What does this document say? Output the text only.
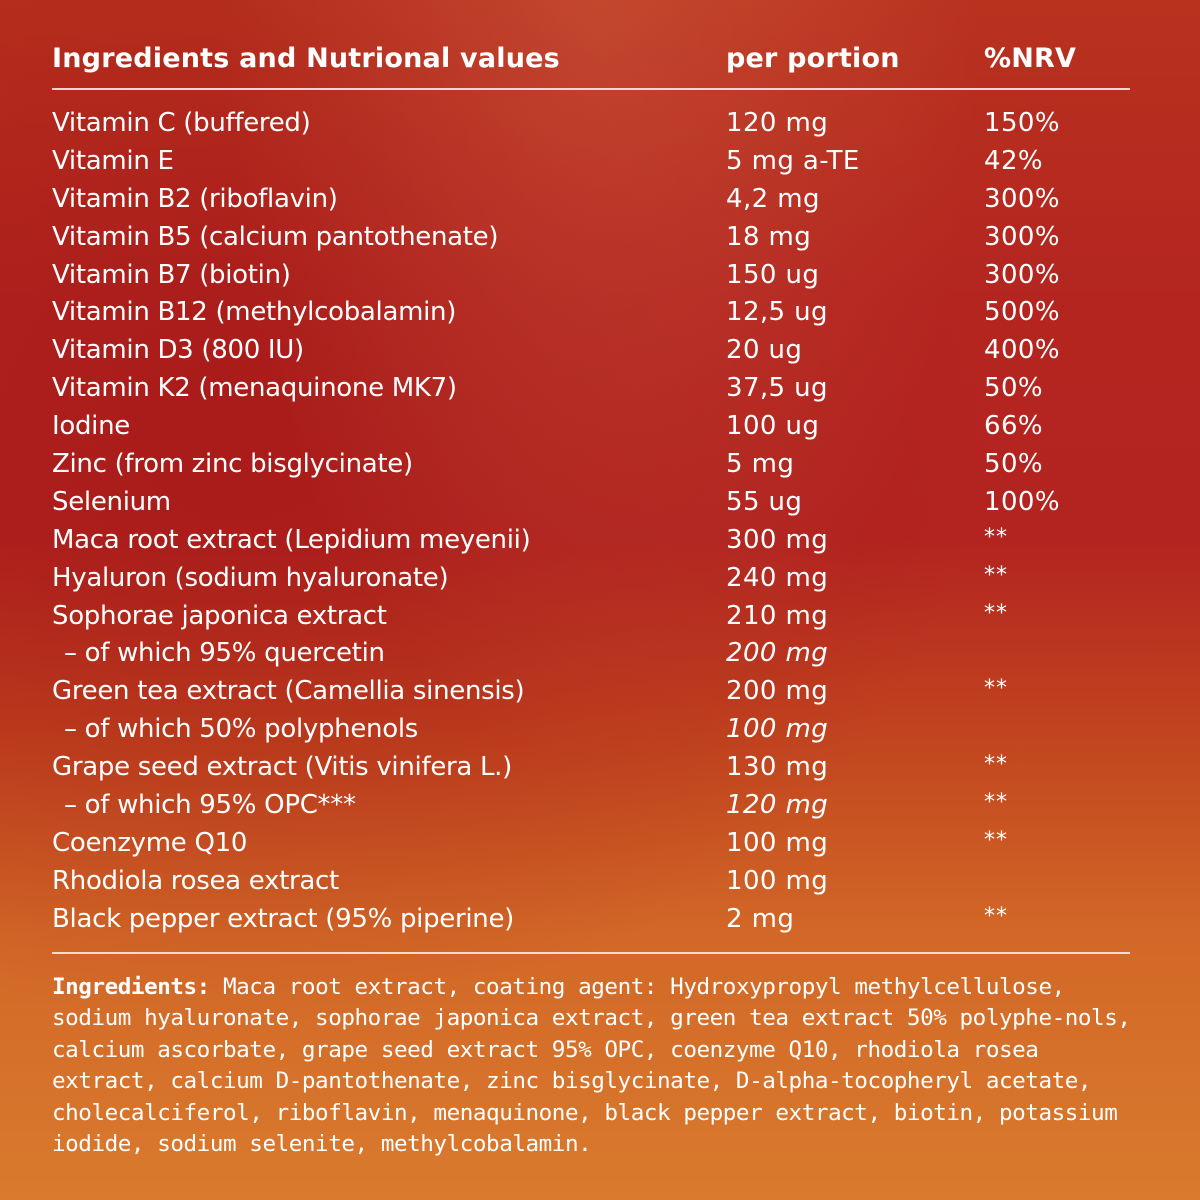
Ingredients and Nutrional values	per portion	%NRV
Vitamin C (buffered)	120 mg	150%
Vitamin E	5 mg a-TE	42%
Vitamin B2 (riboflavin)	4,2 mg	300%
Vitamin B5 (calcium pantothenate)	18 mg	300%
Vitamin B7 (biotin)	150 ug	300%
Vitamin B12 (methylcobalamin)	12,5 ug	500%
Vitamin D3 (800 IU)	20 ug	400%
Vitamin K2 (menaquinone MK7)	37,5 ug	50%
Iodine	100 ug	66%
Zinc (from zinc bisglycinate)	5 mg	50%
Selenium	55 ug	100%
Maca root extract (Lepidium meyenii)	300 mg	**
Hyaluron (sodium hyaluronate)	240 mg	**
Sophorae japonica extract	210 mg	**
– of which 95% quercetin	200 mg
Green tea extract (Camellia sinensis)	200 mg	**
– of which 50% polyphenols	100 mg
Grape seed extract (Vitis vinifera L.)	130 mg	**
– of which 95% OPC***	120 mg	**
Coenzyme Q10	100 mg	**
Rhodiola rosea extract	100 mg
Black pepper extract (95% piperine)	2 mg	**
Ingredients: Maca root extract, coating agent: Hydroxypropyl methylcellulose, sodium hyaluronate, sophorae japonica extract, green tea extract 50% polyphe-nols, calcium ascorbate, grape seed extract 95% OPC, coenzyme Q10, rhodiola rosea extract, calcium D-pantothenate, zinc bisglycinate, D-alpha-tocopheryl acetate, cholecalciferol, riboflavin, menaquinone, black pepper extract, biotin, potassium iodide, sodium selenite, methylcobalamin.
